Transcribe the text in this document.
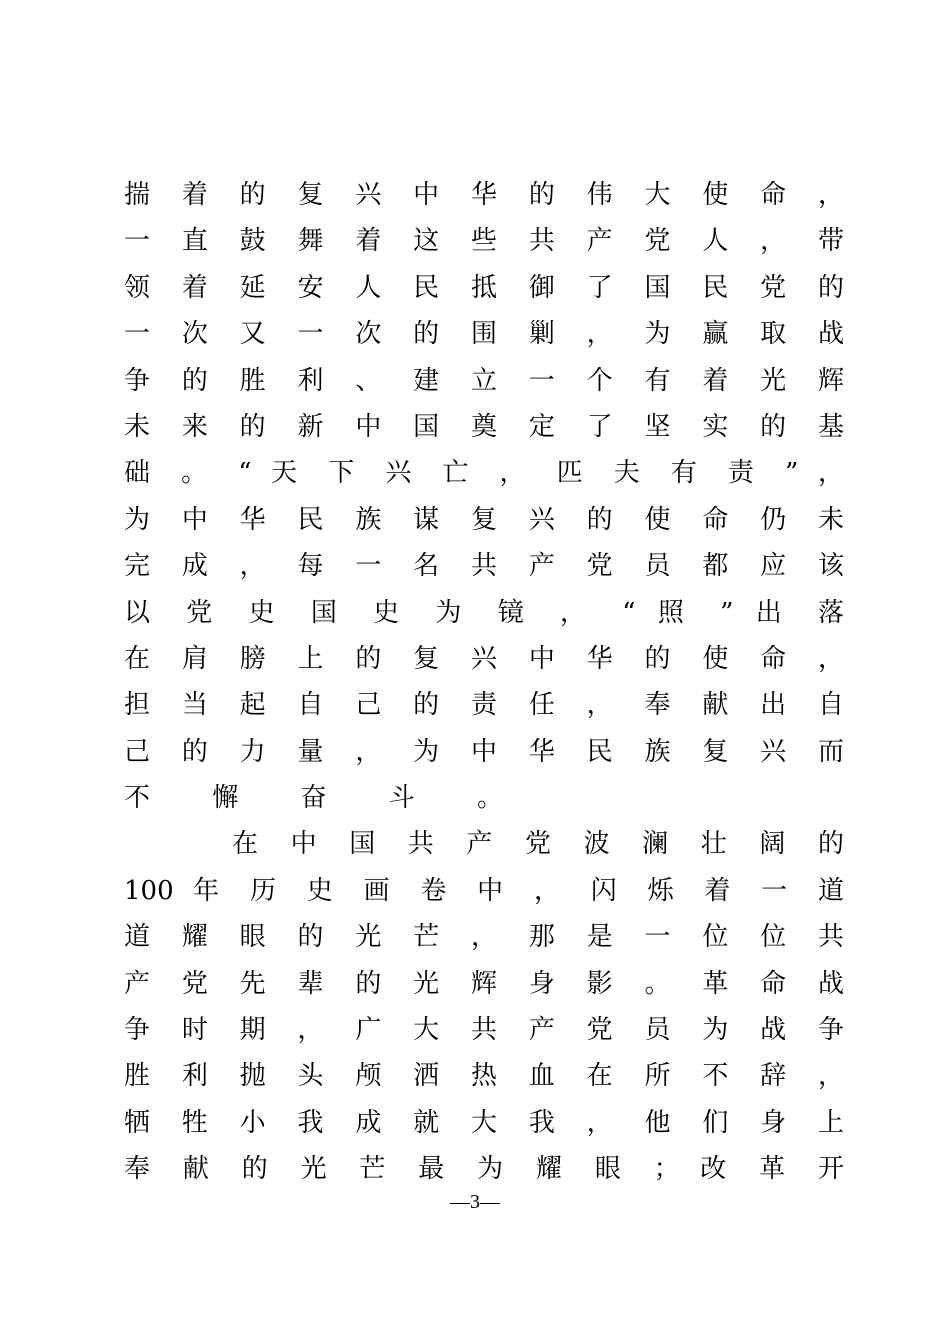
揣 着 的 复 兴 中 华 的 伟 大 使 命 ，
一 直 鼓 舞 着 这 些 共 产 党 人 ， 带
领 着 延 安 人 民 抵 御 了 国 民 党 的
一 次 又 一 次 的 围 剿 ， 为 赢 取 战
争 的 胜 利 、 建 立 一 个 有 着 光 辉
未 来 的 新 中 国 奠 定 了 坚 实 的 基
础 。 “ 天 下 兴 亡 ， 匹 夫 有 责 ” ，
为 中 华 民 族 谋 复 兴 的 使 命 仍 未
完 成 ， 每 一 名 共 产 党 员 都 应 该
以 党 史 国 史 为 镜 ， “ 照 ” 出 落
在 肩 膀 上 的 复 兴 中 华 的 使 命 ，
担 当 起 自 己 的 责 任 ， 奉 献 出 自
己 的 力 量 ， 为 中 华 民 族 复 兴 而
不 懈 奋 斗 。
在 中 国 共 产 党 波 澜 壮 阔 的
100 年 历 史 画 卷 中 ， 闪 烁 着 一 道
道 耀 眼 的 光 芒 ， 那 是 一 位 位 共
产 党 先 辈 的 光 辉 身 影 。 革 命 战
争 时 期 ， 广 大 共 产 党 员 为 战 争
胜 利 抛 头 颅 洒 热 血 在 所 不 辞 ，
牺 牲 小 我 成 就 大 我 ， 他 们 身 上
奉 献 的 光 芒 最 为 耀 眼 ； 改 革 开
—3—
